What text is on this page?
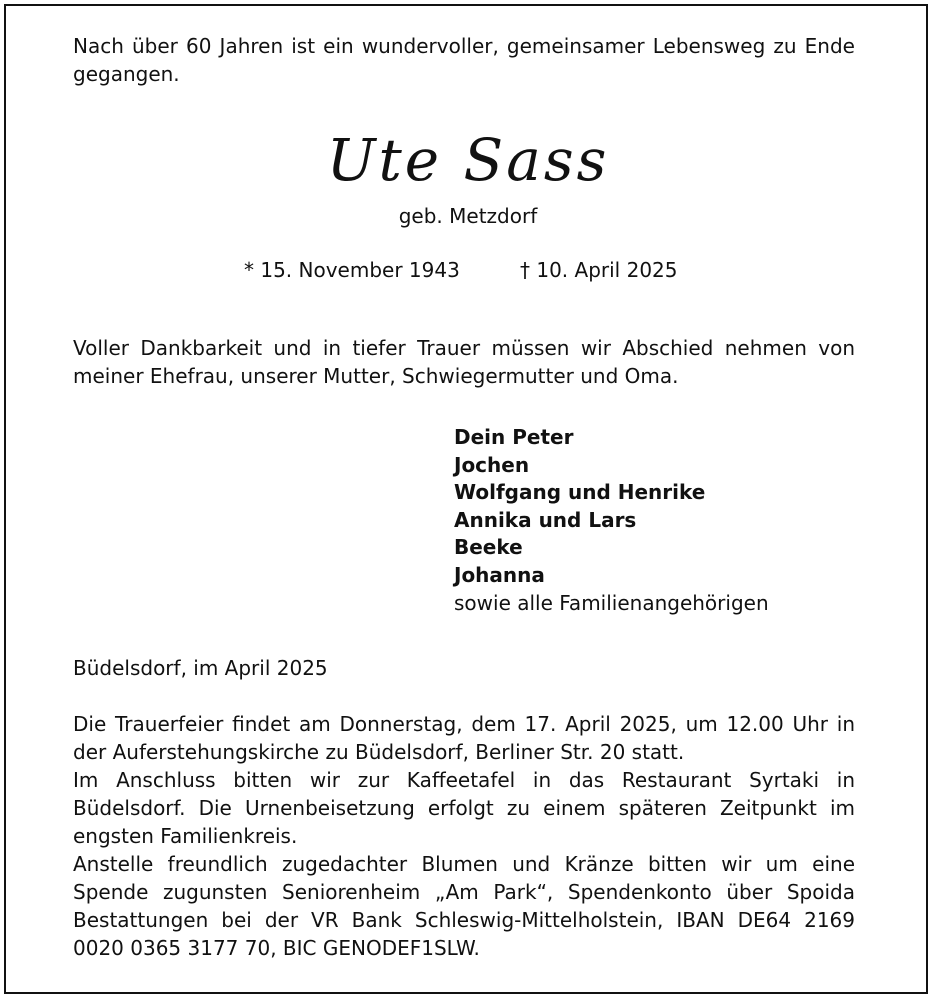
Nach über 60 Jahren ist ein wundervoller, gemeinsamer Lebensweg zu Ende gegangen.
Ute Sass
geb. Metzdorf
* 15. November 1943	† 10. April 2025
Voller Dankbarkeit und in tiefer Trauer müssen wir Abschied nehmen von meiner Ehefrau, unserer Mutter, Schwiegermutter und Oma.
Dein Peter
Jochen
Wolfgang und Henrike
Annika und Lars
Beeke
Johanna
sowie alle Familienangehörigen
Büdelsdorf, im April 2025

Die Trauerfeier findet am Donnerstag, dem 17. April 2025, um 12.00 Uhr in der Auferstehungskirche zu Büdelsdorf, Berliner Str. 20 statt.

Im Anschluss bitten wir zur Kaffeetafel in das Restaurant Syrtaki in Büdelsdorf. Die Urnenbeisetzung erfolgt zu einem späteren Zeitpunkt im engsten Familienkreis.

Anstelle freundlich zugedachter Blumen und Kränze bitten wir um eine Spende zugunsten Seniorenheim „Am Park“, Spendenkonto über Spoida Bestattungen bei der VR Bank Schleswig-Mittelholstein, IBAN DE64 2169 0020 0365 3177 70, BIC GENODEF1SLW.
